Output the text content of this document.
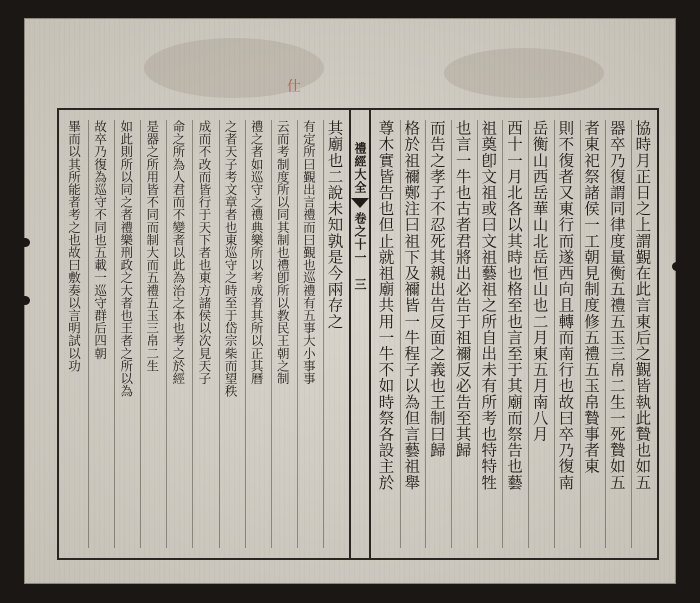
仕
其廟也二說未知孰是今兩存之
有定所曰覲出言禮而曰覲也巡禮有五事大小事事
云而考制度所以同其制也禮卽所以教民王朝之制
禮之者如巡守之禮典樂所以考成者其所以正其曆
之者天子考文章者也東巡守之時至于岱宗柴而望秩
成而不改而皆行于天下者也東方諸侯以次見天子
命之所為人君而不變者以此為治之本也考之於經
是器之所用皆不同而制大而五禮五玉三帛二生
如此則所以同之者禮樂刑政之大者也王者之所以為
故卒乃復為巡守不同也五載一巡守群后四朝
畢而以其所能者考之也故曰敷奏以言明試以功	禮經大全
卷之十一
三	協時月正日之上謂覲在此言東后之覲皆執此贄也如五
器卒乃復謂同律度量衡五禮五玉三帛二生一死贄如五
者東祀祭諸侯一工朝見制度修五禮五玉帛贄事者東
則不復者又東行而遂西向且轉而南行也故曰卒乃復南
岳衡山西岳華山北岳恒山也二月東五月南八月
西十一月北各以其時也格至也言至于其廟而祭告也藝
祖奠卽文祖或曰文祖藝祖之所自出未有所考也特特牲
也言一牛也古者君將出必告于祖禰反必告至其歸
而告之孝子不忍死其親出告反面之義也王制曰歸
格於祖禰鄭注曰祖下及禰皆一牛程子以為但言藝祖舉
尊木實皆告也但止就祖廟共用一牛不如時祭各設主於
